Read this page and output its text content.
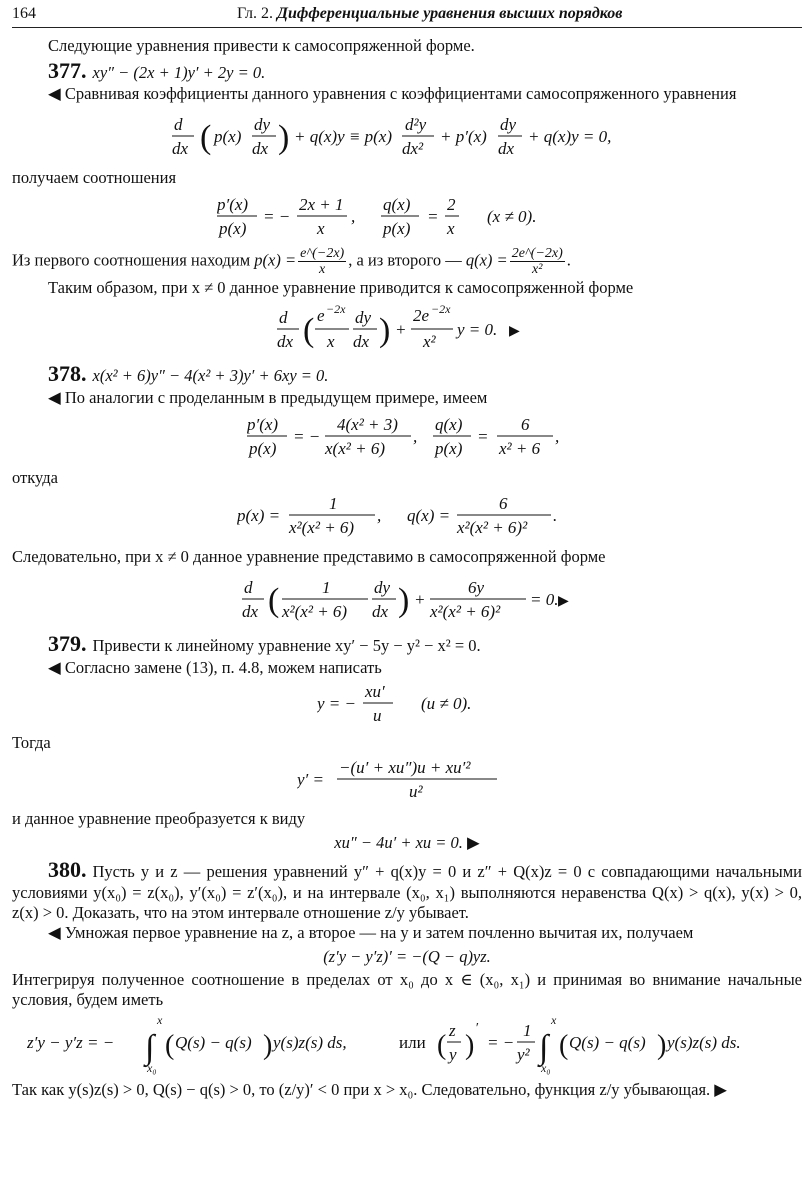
164	Гл. 2. Дифференциальные уравнения высших порядков

Следующие уравнения привести к самосопряженной форме.

377. xy″ − (2x + 1)y′ + 2y = 0.

◀ Сравнивая коэффициенты данного уравнения с коэффициентами самосопряженного уравнения

d
dx ( p(x)
dy
dx ) + q(x)y ≡ p(x)
d²y
dx²
+ p′(x)
dy
dx
+ q(x)y = 0,

получаем соотношения

p′(x)
p(x)
= −
2x + 1
x
,
q(x)
p(x)
=
2
x
(x ≠ 0).

Из первого соотношения находим $p(x) = \frac{e\^{}(-2x)}{x}$ , а из второго — $q(x) = \frac{2e\^{}(-2x)}{\text{x²}}$ .

Таким образом, при x ≠ 0 данное уравнение приводится к самосопряженной форме

d
dx ( e −2x
x
dy
dx ) +
2e −2x
x²
y = 0. ▶

378. x(x² + 6)y″ − 4(x² + 3)y′ + 6xy = 0.

◀ По аналогии с проделанным в предыдущем примере, имеем

p′(x)
p(x)
= −
4(x² + 3)
x(x² + 6)
,
q(x)
p(x)
=
6
x² + 6
,

откуда

p(x) =
1
x²(x² + 6)
, q(x) =
6
x²(x² + 6)²
.

Следовательно, при x ≠ 0 данное уравнение представимо в самосопряженной форме

d
dx (	1
x²(x² + 6)
dy
dx ) +
6y
x²(x² + 6)²
= 0. ▶

379. Привести к линейному уравнение xy′ − 5y − y² − x² = 0.

◀ Согласно замене (13), п. 4.8, можем написать

y = −
xu′
u
(u ≠ 0).

Тогда

y′ =
−(u′ + xu″)u + xu′²
u²

и данное уравнение преобразуется к виду

xu″ − 4u′ + xu = 0. ▶

380. Пусть y и z — решения уравнений y″ + q(x)y = 0 и z″ + Q(x)z = 0 с совпадающими начальными условиями y(x₀) = z(x₀), y′(x₀) = z′(x₀), и на интервале (x₀, x₁) выполняются неравенства Q(x) > q(x), y(x) > 0, z(x) > 0. Доказать, что на этом интервале отношение z/y убывает.

◀ Умножая первое уравнение на z, а второе — на y и затем почленно вычитая их, получаем

(z′y − y′z)′ = −(Q − q)yz.

Интегрируя полученное соотношение в пределах от x₀ до x ∈ (x₀, x₁) и принимая во внимание начальные условия, будем иметь

z′y − y′z = − ∫
x
x₀
( Q(s) − q(s) ) y(s)z(s) ds,	или ( z
y )
′
= −
1
y² ∫
x
x₀
( Q(s) − q(s) ) y(s)z(s) ds.

Так как y(s)z(s) > 0, Q(s) − q(s) > 0, то (z/y)′ < 0 при x > x₀. Следовательно, функция z/y убывающая. ▶
